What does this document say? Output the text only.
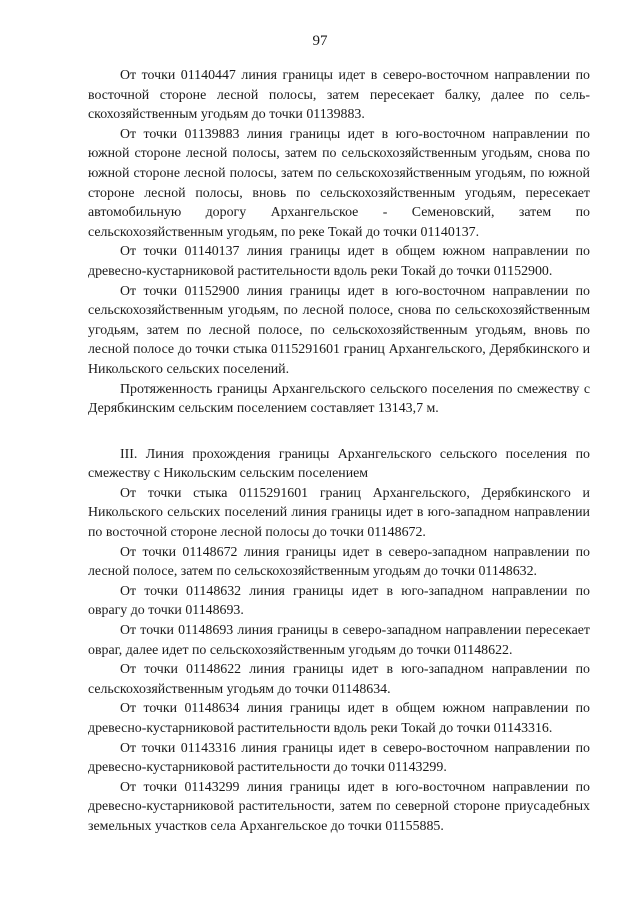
97

От точки 01140447 линия границы идет в северо-восточном направлении по восточной стороне лесной полосы, затем пересекает балку, далее по сельскохозяйственным угодьям до точки 01139883.

От точки 01139883 линия границы идет в юго-восточном направлении по южной стороне лесной полосы, затем по сельскохозяйственным угодьям, снова по южной стороне лесной полосы, затем по сельскохозяйственным угодьям, по южной стороне лесной полосы, вновь по сельскохозяйственным угодьям, пересекает автомобильную дорогу Архангельское - Семеновский, затем по сельскохозяйственным угодьям, по реке Токай до точки 01140137.

От точки 01140137 линия границы идет в общем южном направлении по древесно-кустарниковой растительности вдоль реки Токай до точки 01152900.

От точки 01152900 линия границы идет в юго-восточном направлении по сельскохозяйственным угодьям, по лесной полосе, снова по сельскохозяйственным угодьям, затем по лесной полосе, по сельскохозяйственным угодьям, вновь по лесной полосе до точки стыка 0115291601 границ Архангельского, Дерябкинского и Никольского сельских поселений.

Протяженность границы Архангельского сельского поселения по смежеству с Дерябкинским сельским поселением составляет 13143,7 м.

III. Линия прохождения границы Архангельского сельского поселения по смежеству с Никольским сельским поселением

От точки стыка 0115291601 границ Архангельского, Дерябкинского и Никольского сельских поселений линия границы идет в юго-западном направлении по восточной стороне лесной полосы до точки 01148672.

От точки 01148672 линия границы идет в северо-западном направлении по лесной полосе, затем по сельскохозяйственным угодьям до точки 01148632.

От точки 01148632 линия границы идет в юго-западном направлении по оврагу до точки 01148693.

От точки 01148693 линия границы в северо-западном направлении пересекает овраг, далее идет по сельскохозяйственным угодьям до точки 01148622.

От точки 01148622 линия границы идет в юго-западном направлении по сельскохозяйственным угодьям до точки 01148634.

От точки 01148634 линия границы идет в общем южном направлении по древесно-кустарниковой растительности вдоль реки Токай до точки 01143316.

От точки 01143316 линия границы идет в северо-восточном направлении по древесно-кустарниковой растительности до точки 01143299.

От точки 01143299 линия границы идет в юго-восточном направлении по древесно-кустарниковой растительности, затем по северной стороне приусадебных земельных участков села Архангельское до точки 01155885.
